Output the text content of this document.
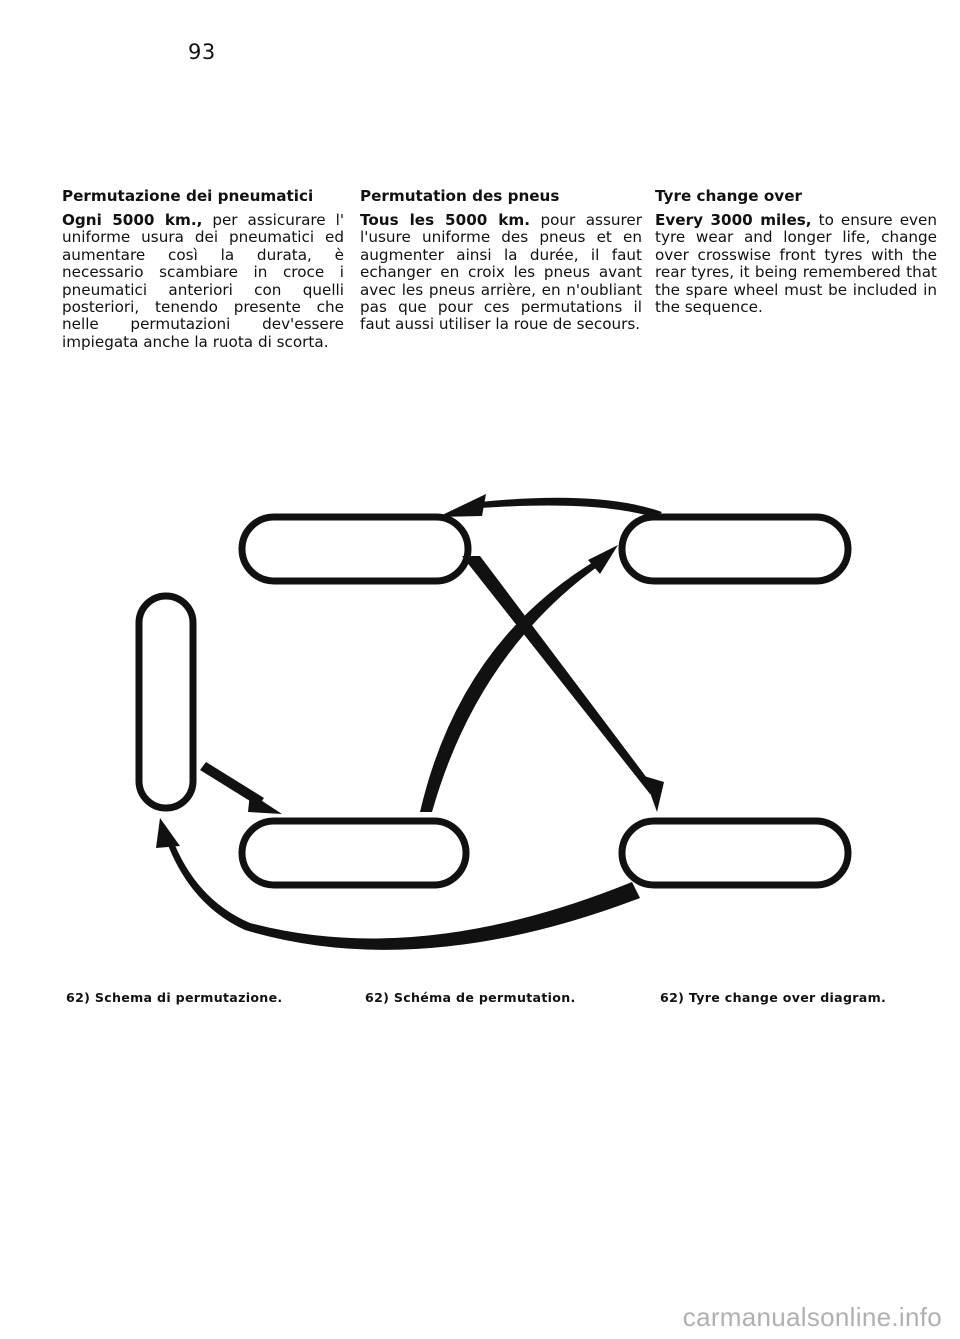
93
Permutazione dei pneumatici

Ogni 5000 km., per assicurare l' uniforme usura dei pneumatici ed aumentare così la durata, è necessario scambiare in croce i pneumatici anteriori con quelli posteriori, tenendo presente che nelle permutazioni dev'essere impiegata anche la ruota di scorta.

Permutation des pneus

Tous les 5000 km. pour assurer l'usure uniforme des pneus et en augmenter ainsi la durée, il faut echanger en croix les pneus avant avec les pneus arrière, en n'oubliant pas que pour ces permutations il faut aussi utiliser la roue de secours.

Tyre change over

Every 3000 miles, to ensure even tyre wear and longer life, change over crosswise front tyres with the rear tyres, it being remembered that the spare wheel must be included in the sequence.

62) Schema di permutazione.	62) Schéma de permutation.	62) Tyre change over diagram.
carmanualsonline.info
